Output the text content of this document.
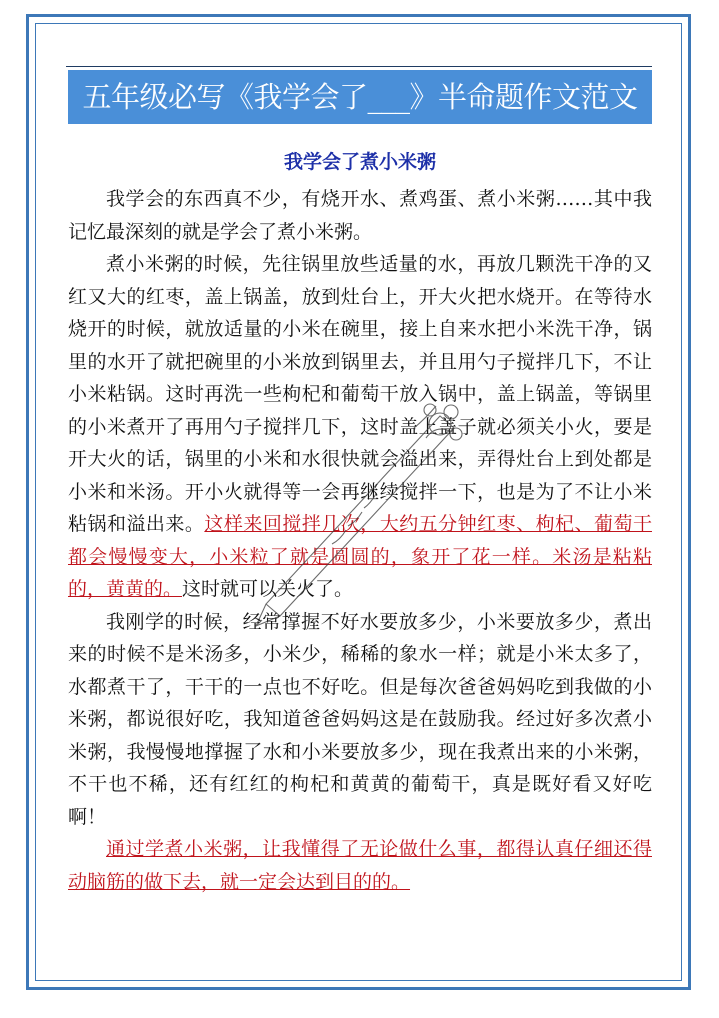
五年级必写《我学会了___》半命题作文范文
我学会了煮小米粥

我学会的东西真不少，有烧开水、煮鸡蛋、煮小米粥……其中我记忆最深刻的就是学会了煮小米粥。

煮小米粥的时候，先往锅里放些适量的水，再放几颗洗干净的又红又大的红枣，盖上锅盖，放到灶台上，开大火把水烧开。在等待水烧开的时候，就放适量的小米在碗里，接上自来水把小米洗干净，锅里的水开了就把碗里的小米放到锅里去，并且用勺子搅拌几下，不让小米粘锅。这时再洗一些枸杞和葡萄干放入锅中，盖上锅盖，等锅里的小米煮开了再用勺子搅拌几下，这时盖上盖子就必须关小火，要是开大火的话，锅里的小米和水很快就会溢出来，弄得灶台上到处都是小米和米汤。开小火就得等一会再继续搅拌一下，也是为了不让小米粘锅和溢出来。这样来回搅拌几次，大约五分钟红枣、枸杞、葡萄干都会慢慢变大，小米粒了就是圆圆的，象开了花一样。米汤是粘粘的，黄黄的。这时就可以关火了。

我刚学的时候，经常撑握不好水要放多少，小米要放多少，煮出来的时候不是米汤多，小米少，稀稀的象水一样；就是小米太多了，水都煮干了，干干的一点也不好吃。但是每次爸爸妈妈吃到我做的小米粥，都说很好吃，我知道爸爸妈妈这是在鼓励我。经过好多次煮小米粥，我慢慢地撑握了水和小米要放多少，现在我煮出来的小米粥，不干也不稀，还有红红的枸杞和黄黄的葡萄干，真是既好看又好吃啊！

通过学煮小米粥，让我懂得了无论做什么事，都得认真仔细还得动脑筋的做下去，就一定会达到目的的。
